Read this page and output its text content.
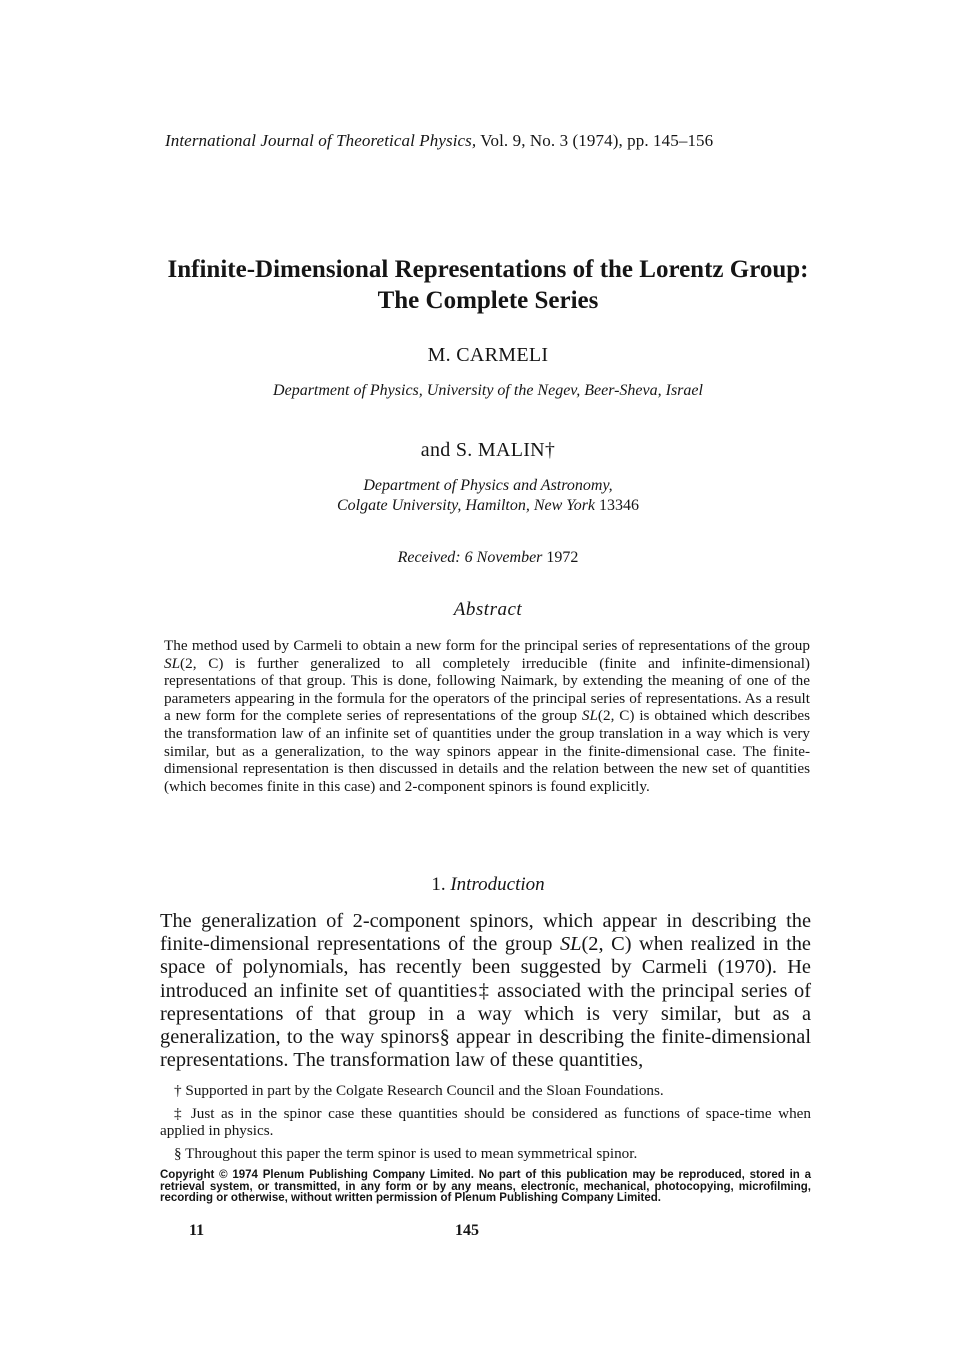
International Journal of Theoretical Physics, Vol. 9, No. 3 (1974), pp. 145–156
Infinite-Dimensional Representations of the Lorentz Group:
The Complete Series
M. CARMELI
Department of Physics, University of the Negev, Beer-Sheva, Israel
and S. MALIN†
Department of Physics and Astronomy,
Colgate University, Hamilton, New York 13346
Received: 6 November 1972
Abstract
The method used by Carmeli to obtain a new form for the principal series of representations of the group SL(2, C) is further generalized to all completely irreducible (finite and infinite-dimensional) representations of that group. This is done, following Naimark, by extending the meaning of one of the parameters appearing in the formula for the operators of the principal series of representations. As a result a new form for the complete series of representations of the group SL(2, C) is obtained which describes the transformation law of an infinite set of quantities under the group translation in a way which is very similar, but as a generalization, to the way spinors appear in the finite-dimensional case. The finite-dimensional representation is then discussed in details and the relation between the new set of quantities (which becomes finite in this case) and 2-component spinors is found explicitly.
1. Introduction
The generalization of 2-component spinors, which appear in describing the finite-dimensional representations of the group SL(2, C) when realized in the space of polynomials, has recently been suggested by Carmeli (1970). He introduced an infinite set of quantities‡ associated with the principal series of representations of that group in a way which is very similar, but as a generalization, to the way spinors§ appear in describing the finite-dimensional representations. The transformation law of these quantities,

† Supported in part by the Colgate Research Council and the Sloan Foundations.

‡ Just as in the spinor case these quantities should be considered as functions of space-time when applied in physics.

§ Throughout this paper the term spinor is used to mean symmetrical spinor.

Copyright © 1974 Plenum Publishing Company Limited. No part of this publication may be reproduced, stored in a retrieval system, or transmitted, in any form or by any means, electronic, mechanical, photocopying, microfilming, recording or otherwise, without written permission of Plenum Publishing Company Limited.
11	145
